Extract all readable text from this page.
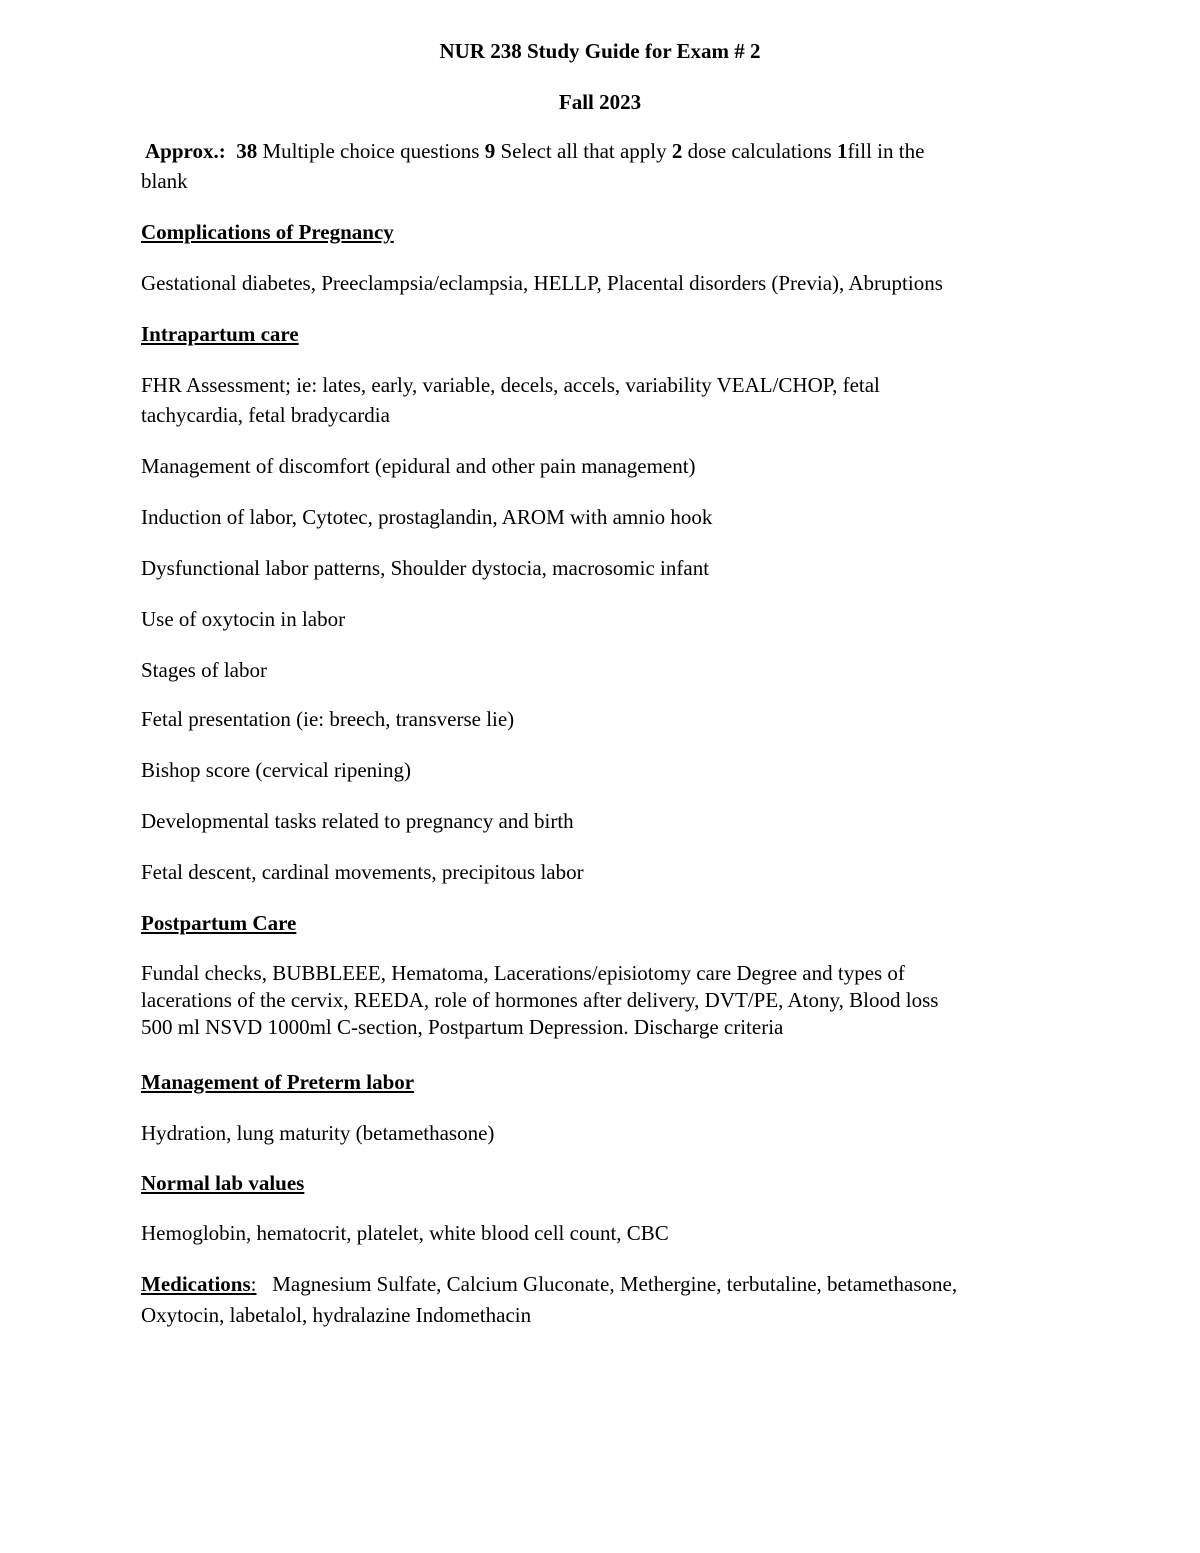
NUR 238 Study Guide for Exam # 2
Fall 2023
Approx.: 38 Multiple choice questions 9 Select all that apply 2 dose calculations 1fill in the
blank
Complications of Pregnancy
Gestational diabetes, Preeclampsia/eclampsia, HELLP, Placental disorders (Previa), Abruptions
Intrapartum care
FHR Assessment; ie: lates, early, variable, decels, accels, variability VEAL/CHOP, fetal
tachycardia, fetal bradycardia
Management of discomfort (epidural and other pain management)
Induction of labor, Cytotec, prostaglandin, AROM with amnio hook
Dysfunctional labor patterns, Shoulder dystocia, macrosomic infant
Use of oxytocin in labor
Stages of labor
Fetal presentation (ie: breech, transverse lie)
Bishop score (cervical ripening)
Developmental tasks related to pregnancy and birth
Fetal descent, cardinal movements, precipitous labor
Postpartum Care
Fundal checks, BUBBLEEE, Hematoma, Lacerations/episiotomy care Degree and types of
lacerations of the cervix, REEDA, role of hormones after delivery, DVT/PE, Atony, Blood loss
500 ml NSVD 1000ml C-section, Postpartum Depression. Discharge criteria
Management of Preterm labor
Hydration, lung maturity (betamethasone)
Normal lab values
Hemoglobin, hematocrit, platelet, white blood cell count, CBC
Medications: Magnesium Sulfate, Calcium Gluconate, Methergine, terbutaline, betamethasone,
Oxytocin, labetalol, hydralazine Indomethacin
